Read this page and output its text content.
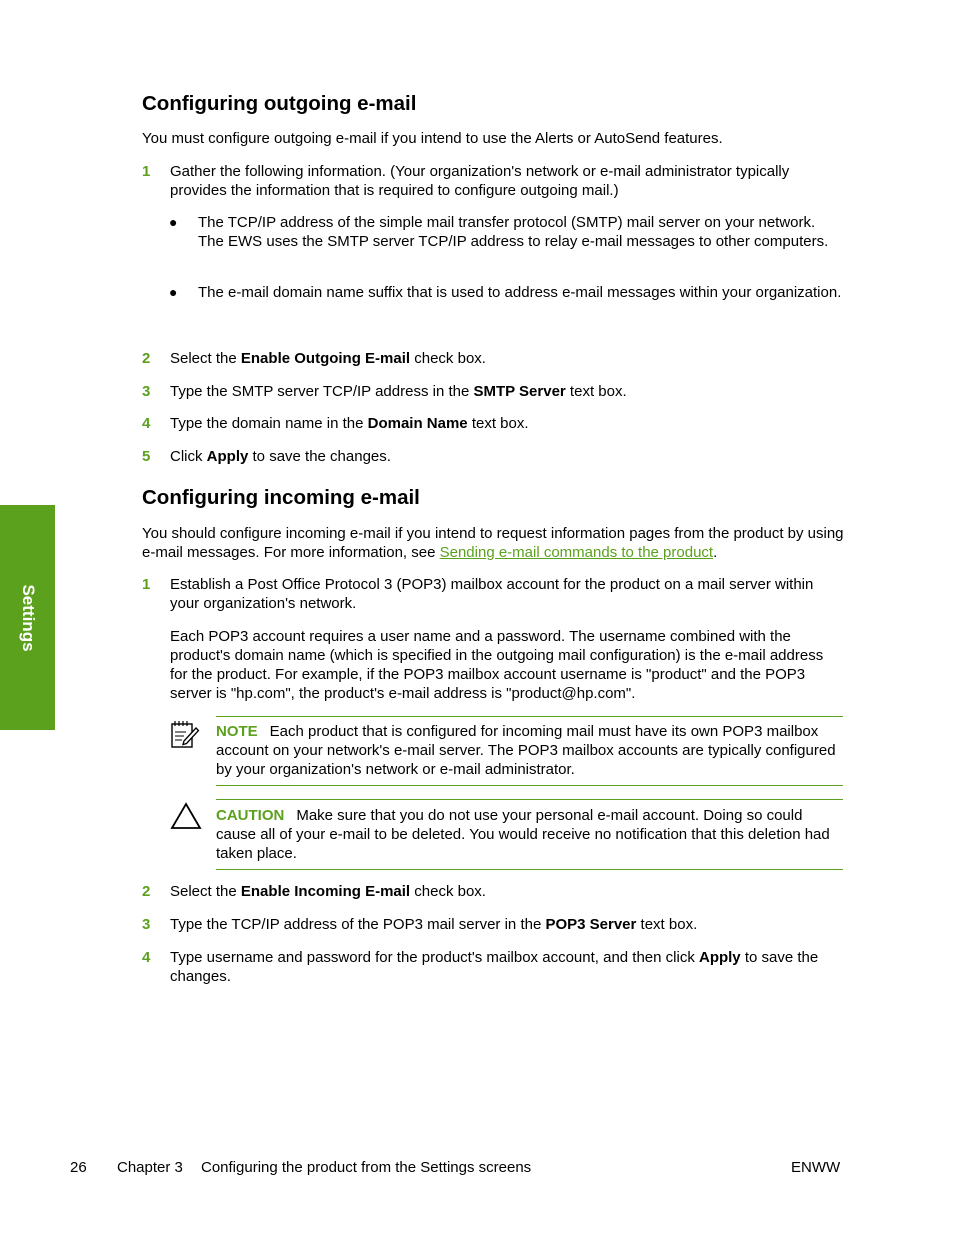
Settings
Configuring outgoing e-mail

You must configure outgoing e-mail if you intend to use the Alerts or AutoSend features.

1 Gather the following information. (Your organization's network or e-mail administrator typically provides the information that is required to configure outgoing mail.)
● The TCP/IP address of the simple mail transfer protocol (SMTP) mail server on your network. The EWS uses the SMTP server TCP/IP address to relay e-mail messages to other computers.
● The e-mail domain name suffix that is used to address e-mail messages within your organization.
2 Select the Enable Outgoing E-mail check box.
3 Type the SMTP server TCP/IP address in the SMTP Server text box.
4 Type the domain name in the Domain Name text box.
5 Click Apply to save the changes.
Configuring incoming e-mail

You should configure incoming e-mail if you intend to request information pages from the product by using e-mail messages. For more information, see Sending e-mail commands to the product.

1 Establish a Post Office Protocol 3 (POP3) mailbox account for the product on a mail server within your organization's network.
Each POP3 account requires a user name and a password. The username combined with the product's domain name (which is specified in the outgoing mail configuration) is the e-mail address for the product. For example, if the POP3 mailbox account username is "product" and the POP3 server is "hp.com", the product's e-mail address is "product@hp.com".
NOTE Each product that is configured for incoming mail must have its own POP3 mailbox account on your network's e-mail server. The POP3 mailbox accounts are typically configured by your organization's network or e-mail administrator.
CAUTION Make sure that you do not use your personal e-mail account. Doing so could cause all of your e-mail to be deleted. You would receive no notification that this deletion had taken place.
2 Select the Enable Incoming E-mail check box.
3 Type the TCP/IP address of the POP3 mail server in the POP3 Server text box.
4 Type username and password for the product's mailbox account, and then click Apply to save the changes.
26 Chapter 3 Configuring the product from the Settings screens	ENWW
